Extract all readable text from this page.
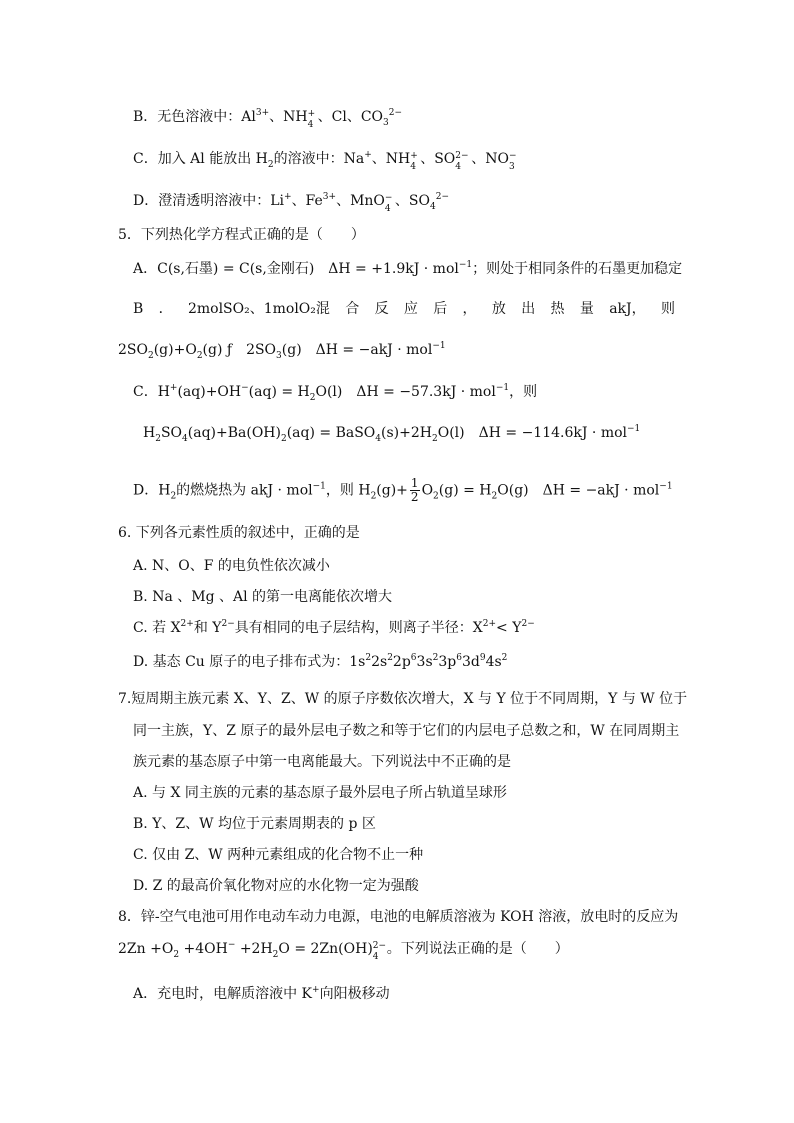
B．无色溶液中：$Al^{3+}$、NH +
4 、Cl、$CO_3^{2-}$
C．加入 Al 能放出 $H_2$的溶液中：Na+、NH +
4 、SO 2−
4 、NO −
3
D．澄清透明溶液中：Li+、$Fe^{3+}$、MnO −
4 、$SO_4^{2-}$
5．下列热化学方程式正确的是（　　）
A．C(s,石墨) = C(s,金刚石)　ΔH = +1.9kJ · mol$^{-1}$；则处于相同条件的石墨更加稳定
B ． 2molSO₂、1molO₂混 合 反 应 后 ， 放 出 热 量 akJ， 则
$2SO_2(g)+O_2(g)$ ƒ　$2SO_3(g)$　ΔH = −akJ · mol$^{-1}$
C．$H^+(aq)+OH^-(aq) = H_2O(l)$　ΔH = −57.3kJ · mol$^{-1}$，则
$H_2SO_4(aq)+Ba(OH)_2(aq)$ = $BaSO_4(s)+2H_2O(l)$　ΔH = −114.6kJ · mol$^{-1}$
D．$H_2$的燃烧热为 akJ · mol$^{-1}$，则 $H_2(g)+ \frac{1}{2} O_2(g) = H_2O(g)$　ΔH = −akJ · mol$^{-1}$
6. 下列各元素性质的叙述中，正确的是
A. N、O、F 的电负性依次减小
B. Na 、Mg 、Al 的第一电离能依次增大
C. 若 $X^{2+}$和 $Y^{2-}$具有相同的电子层结构，则离子半径：$X^{2+}< Y^{2-}$
D. 基态 Cu 原子的电子排布式为：$1s^22s^22p^63s^23p^63d^94s^2$
7.短周期主族元素 X、Y、Z、W 的原子序数依次增大，X 与 Y 位于不同周期，Y 与 W 位于
同一主族，Y、Z 原子的最外层电子数之和等于它们的内层电子总数之和，W 在同周期主
族元素的基态原子中第一电离能最大。下列说法中不正确的是
A. 与 X 同主族的元素的基态原子最外层电子所占轨道呈球形
B. Y、Z、W 均位于元素周期表的 p 区
C. 仅由 Z、W 两种元素组成的化合物不止一种
D. Z 的最高价氧化物对应的水化物一定为强酸
8．锌-空气电池可用作电动车动力电源，电池的电解质溶液为 KOH 溶液，放电时的反应为
$2Zn +O_2 +4OH^- +2H_2O = 2Zn(OH)$ 2−
4 。下列说法正确的是（　　）
A．充电时，电解质溶液中 K+向阳极移动
